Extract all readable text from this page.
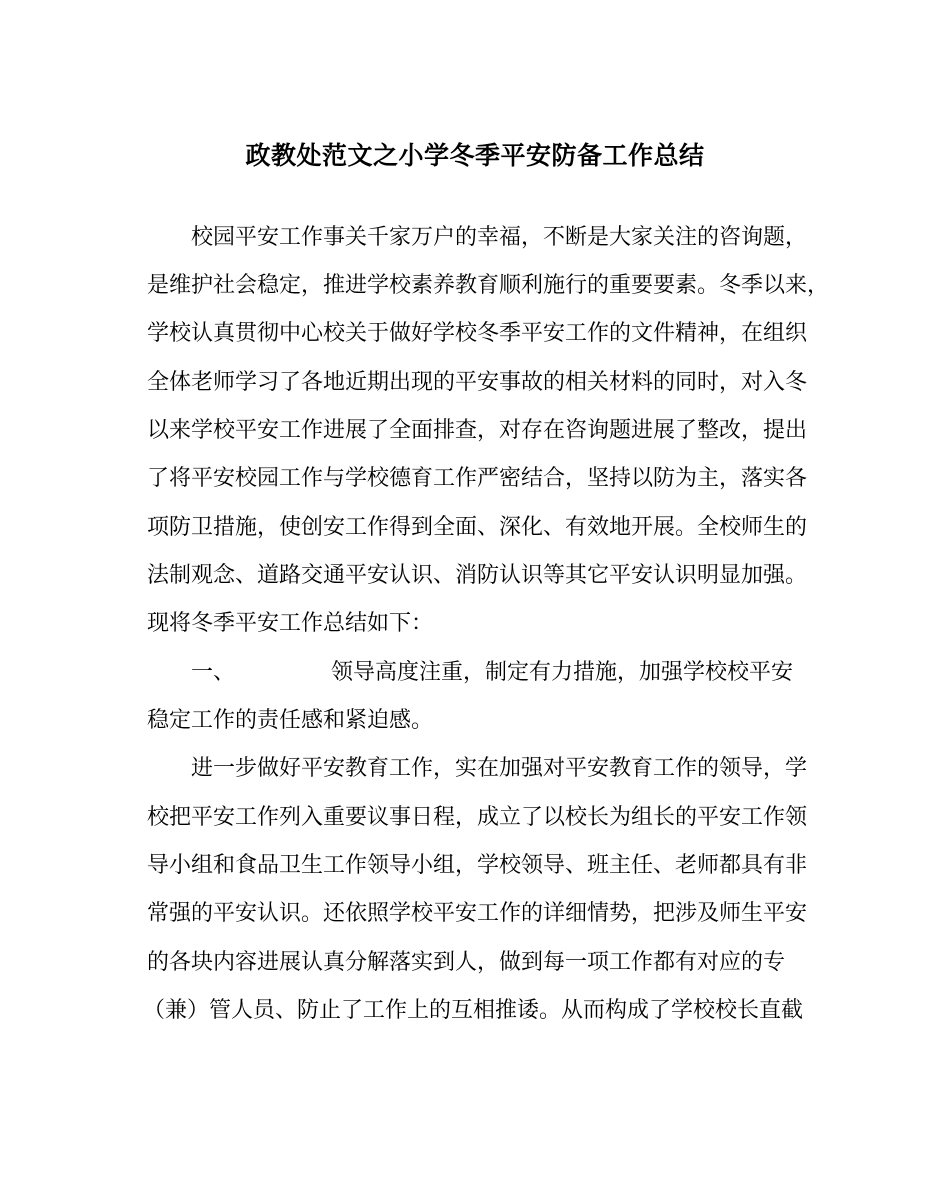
政教处范文之小学冬季平安防备工作总结
校园平安工作事关千家万户的幸福，不断是大家关注的咨询题，
是维护社会稳定，推进学校素养教育顺利施行的重要要素。冬季以来，
学校认真贯彻中心校关于做好学校冬季平安工作的文件精神，在组织
全体老师学习了各地近期出现的平安事故的相关材料的同时，对入冬
以来学校平安工作进展了全面排查，对存在咨询题进展了整改，提出
了将平安校园工作与学校德育工作严密结合，坚持以防为主，落实各
项防卫措施，使创安工作得到全面、深化、有效地开展。全校师生的
法制观念、道路交通平安认识、消防认识等其它平安认识明显加强。
现将冬季平安工作总结如下：
一、	领导高度注重，制定有力措施，加强学校校平安
稳定工作的责任感和紧迫感。
进一步做好平安教育工作，实在加强对平安教育工作的领导，学
校把平安工作列入重要议事日程，成立了以校长为组长的平安工作领
导小组和食品卫生工作领导小组，学校领导、班主任、老师都具有非
常强的平安认识。还依照学校平安工作的详细情势，把涉及师生平安
的各块内容进展认真分解落实到人，做到每一项工作都有对应的专
（兼）管人员、防止了工作上的互相推诿。从而构成了学校校长直截
